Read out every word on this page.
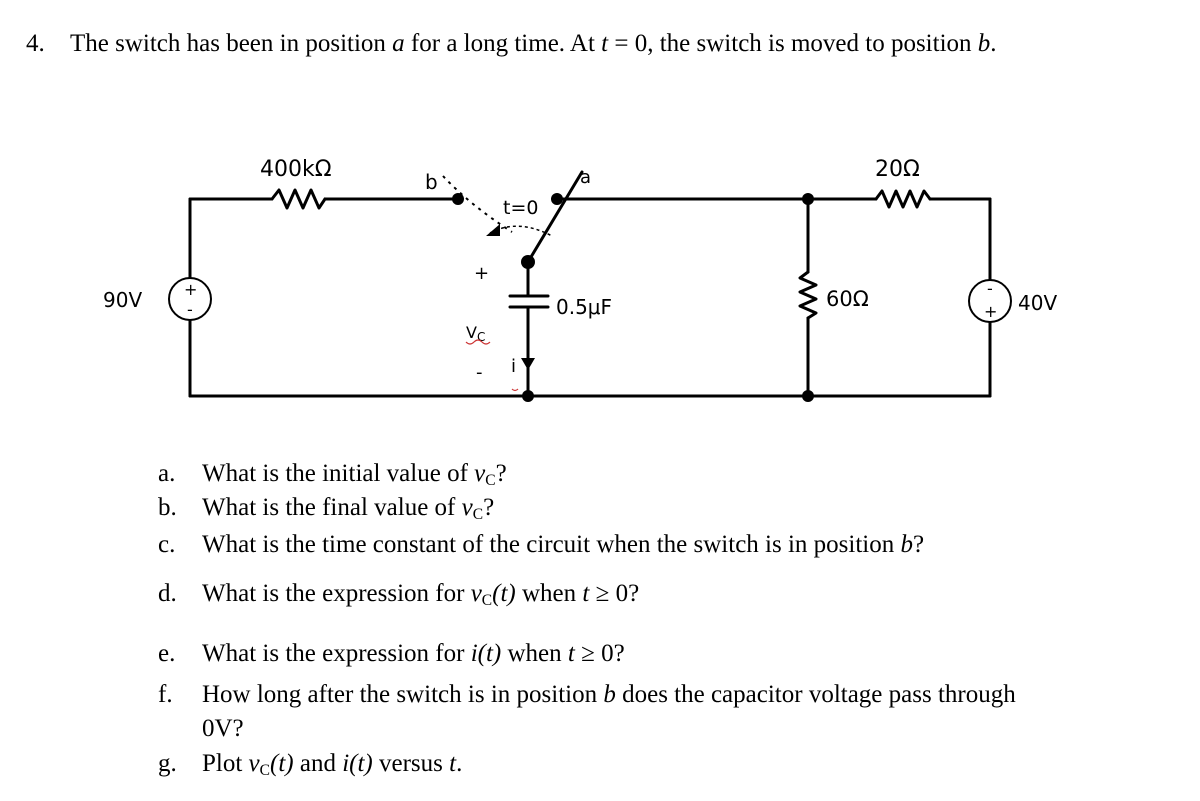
4. The switch has been in position a for a long time. At t = 0, the switch is moved to position b.
90V	+
-
400kΩ	b	a
t=0
0.5μF
+
VC
- i
20Ω
60Ω	40V
+
-
a. What is the initial value of $v_C$?
b. What is the final value of $v_C$?
c. What is the time constant of the circuit when the switch is in position b?
d. What is the expression for $v_C(t)$ when t ≥ 0?
e. What is the expression for i(t) when t ≥ 0?
f. How long after the switch is in position b does the capacitor voltage pass through
0V?
g. Plot $v_C(t)$ and i(t) versus t.
